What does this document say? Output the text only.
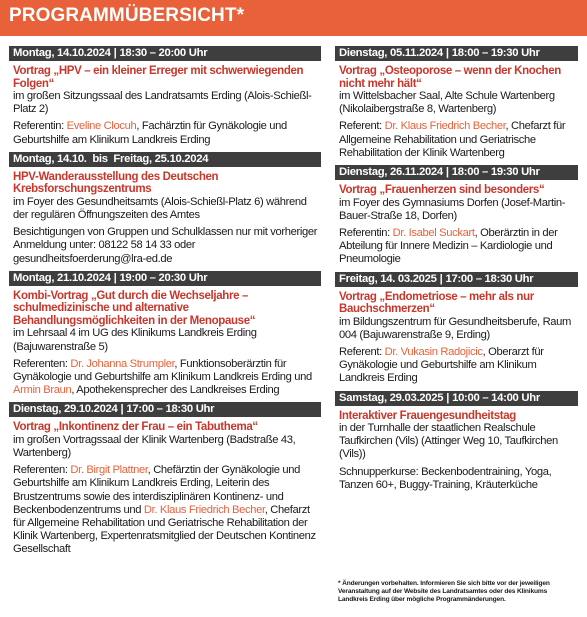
PROGRAMMÜBERSICHT*
Montag, 14.10.2024 | 18:30 – 20:00 Uhr
Vortrag „HPV – ein kleiner Erreger mit schwerwiegenden Folgen“
im großen Sitzungssaal des Landratsamts Erding (Alois-Schießl-Platz 2)
Referentin: Eveline Clocuh, Fachärztin für Gynäkologie und Geburtshilfe am Klinikum Landkreis Erding
Montag, 14.10.  bis  Freitag, 25.10.2024
HPV-Wanderausstellung des Deutschen Krebsforschungszentrums
im Foyer des Gesundheitsamts (Alois-Schießl-Platz 6) während der regulären Öffnungszeiten des Amtes
Besichtigungen von Gruppen und Schulklassen nur mit vorheriger Anmeldung unter: 08122 58 14 33 oder gesundheitsfoerderung@lra-ed.de
Montag, 21.10.2024 | 19:00 – 20:30 Uhr
Kombi-Vortrag „Gut durch die Wechseljahre – schulmedizinische und alternative Behandlungsmöglichkeiten in der Menopause“
im Lehrsaal 4 im UG des Klinikums Landkreis Erding (Bajuwarenstraße 5)
Referenten: Dr. Johanna Strumpler, Funktionsoberärztin für Gynäkologie und Geburtshilfe am Klinikum Landkreis Erding und Armin Braun, Apothekensprecher des Landkreises Erding
Dienstag, 29.10.2024 | 17:00 – 18:30 Uhr
Vortrag „Inkontinenz der Frau – ein Tabuthema“
im großen Vortragssaal der Klinik Wartenberg (Badstraße 43, Wartenberg)
Referenten: Dr. Birgit Plattner, Chefärztin der Gynäkologie und Geburtshilfe am Klinikum Landkreis Erding, Leiterin des Brustzentrums sowie des interdisziplinären Kontinenz- und Beckenbodenzentrums und Dr. Klaus Friedrich Becher, Chefarzt für Allgemeine Rehabilitation und Geriatrische Rehabilitation der Klinik Wartenberg, Expertenratsmitglied der Deutschen Kontinenz Gesellschaft
Dienstag, 05.11.2024 | 18:00 – 19:30 Uhr
Vortrag „Osteoporose – wenn der Knochen nicht mehr hält“
im Wittelsbacher Saal, Alte Schule Wartenberg (Nikolaibergstraße 8, Wartenberg)
Referent: Dr. Klaus Friedrich Becher, Chefarzt für Allgemeine Rehabilitation und Geriatrische Rehabilitation der Klinik Wartenberg
Dienstag, 26.11.2024 | 18:00 – 19:30 Uhr
Vortrag „Frauenherzen sind besonders“
im Foyer des Gymnasiums Dorfen (Josef-Martin-Bauer-Straße 18, Dorfen)
Referentin: Dr. Isabel Suckart, Oberärztin in der Abteilung für Innere Medizin – Kardiologie und Pneumologie
Freitag, 14. 03.2025 | 17:00 – 18:30 Uhr
Vortrag „Endometriose – mehr als nur Bauchschmerzen“
im Bildungszentrum für Gesundheitsberufe, Raum 004 (Bajuwarenstraße 9, Erding)
Referent: Dr. Vukasin Radojicic, Oberarzt für Gynäkologie und Geburtshilfe am Klinikum Landkreis Erding
Samstag, 29.03.2025 | 10:00 – 14:00 Uhr
Interaktiver Frauengesundheitstag
in der Turnhalle der staatlichen Realschule Taufkirchen (Vils) (Attinger Weg 10, Taufkirchen (Vils))
Schnupperkurse: Beckenbodentraining, Yoga, Tanzen 60+, Buggy-Training, Kräuterküche
* Änderungen vorbehalten. Informieren Sie sich bitte vor der jeweiligen Veranstaltung auf der Website des Landratsamtes oder des Klinikums Landkreis Erding über mögliche Programmänderungen.
